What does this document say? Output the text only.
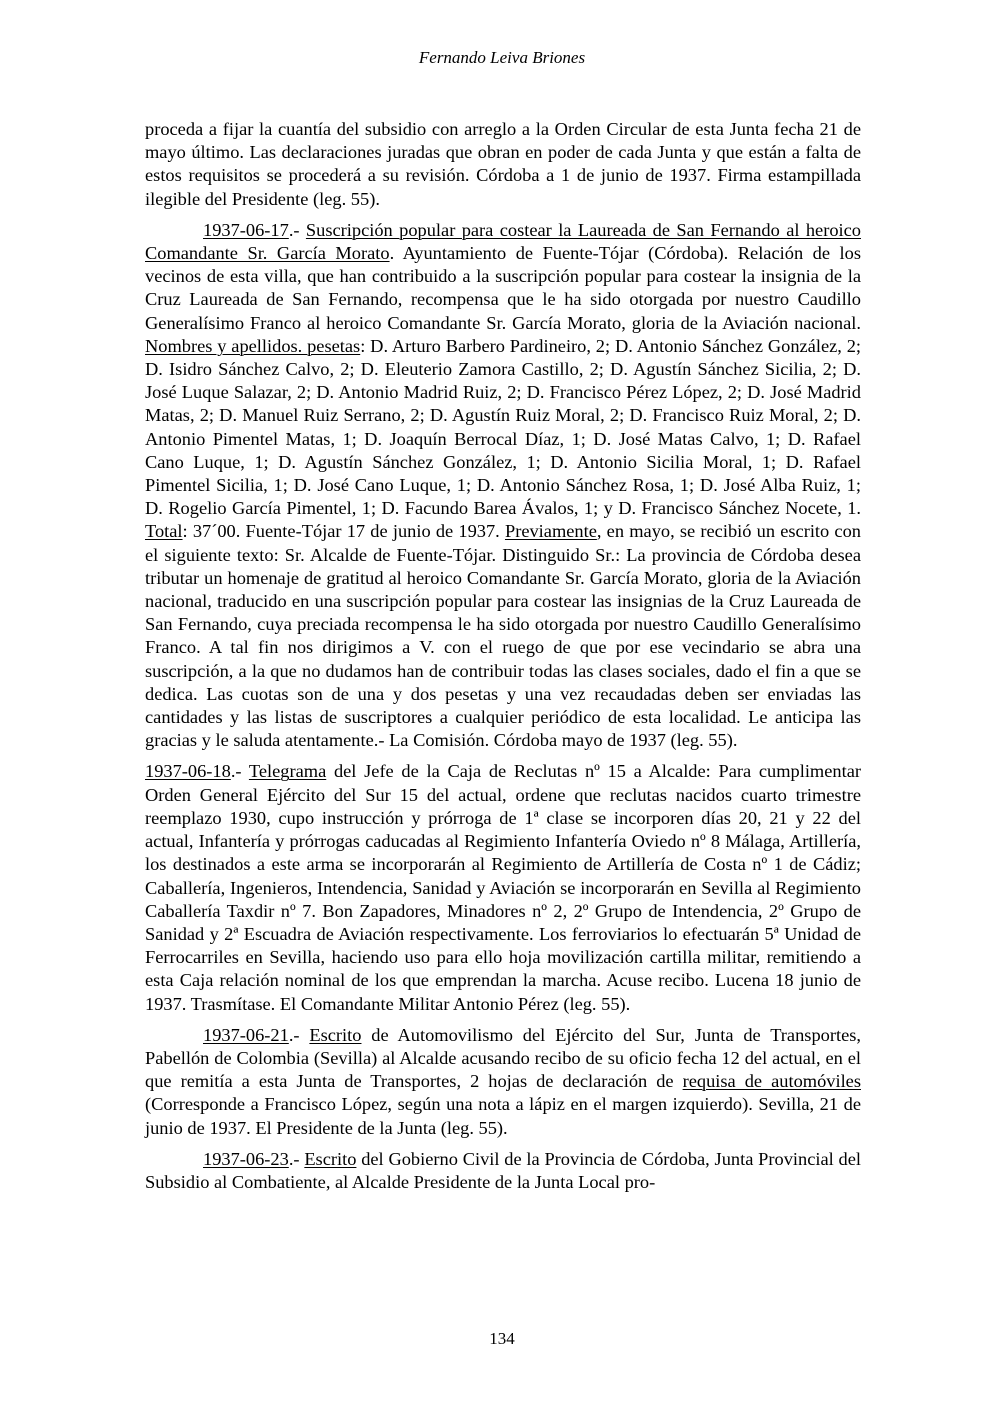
Fernando Leiva Briones

proceda a fijar la cuantía del subsidio con arreglo a la Orden Circular de esta Junta fecha 21 de mayo último. Las declaraciones juradas que obran en poder de cada Junta y que están a falta de estos requisitos se procederá a su revisión. Córdoba a 1 de junio de 1937. Firma estampillada ilegible del Presidente (leg. 55).

1937-06-17.- Suscripción popular para costear la Laureada de San Fernando al heroico Comandante Sr. García Morato. Ayuntamiento de Fuente-Tójar (Córdoba). Relación de los vecinos de esta villa, que han contribuido a la suscripción popular para costear la insignia de la Cruz Laureada de San Fernando, recompensa que le ha sido otorgada por nuestro Caudillo Generalísimo Franco al heroico Comandante Sr. García Morato, gloria de la Aviación nacional. Nombres y apellidos. pesetas: D. Arturo Barbero Pardineiro, 2; D. Antonio Sánchez González, 2; D. Isidro Sánchez Calvo, 2; D. Eleuterio Zamora Castillo, 2; D. Agustín Sánchez Sicilia, 2; D. José Luque Salazar, 2; D. Antonio Madrid Ruiz, 2; D. Francisco Pérez López, 2; D. José Madrid Matas, 2; D. Manuel Ruiz Serrano, 2; D. Agustín Ruiz Moral, 2; D. Francisco Ruiz Moral, 2; D. Antonio Pimentel Matas, 1; D. Joaquín Berrocal Díaz, 1; D. José Matas Calvo, 1; D. Rafael Cano Luque, 1; D. Agustín Sánchez González, 1; D. Antonio Sicilia Moral, 1; D. Rafael Pimentel Sicilia, 1; D. José Cano Luque, 1; D. Antonio Sánchez Rosa, 1; D. José Alba Ruiz, 1; D. Rogelio García Pimentel, 1; D. Facundo Barea Ávalos, 1; y D. Francisco Sánchez Nocete, 1. Total: 37´00. Fuente-Tójar 17 de junio de 1937. Previamente, en mayo, se recibió un escrito con el siguiente texto: Sr. Alcalde de Fuente-Tójar. Distinguido Sr.: La provincia de Córdoba desea tributar un homenaje de gratitud al heroico Comandante Sr. García Morato, gloria de la Aviación nacional, traducido en una suscripción popular para costear las insignias de la Cruz Laureada de San Fernando, cuya preciada recompensa le ha sido otorgada por nuestro Caudillo Generalísimo Franco. A tal fin nos dirigimos a V. con el ruego de que por ese vecindario se abra una suscripción, a la que no dudamos han de contribuir todas las clases sociales, dado el fin a que se dedica. Las cuotas son de una y dos pesetas y una vez recaudadas deben ser enviadas las cantidades y las listas de suscriptores a cualquier periódico de esta localidad. Le anticipa las gracias y le saluda atentamente.- La Comisión. Córdoba mayo de 1937 (leg. 55).

1937-06-18.- Telegrama del Jefe de la Caja de Reclutas nº 15 a Alcalde: Para cumplimentar Orden General Ejército del Sur 15 del actual, ordene que reclutas nacidos cuarto trimestre reemplazo 1930, cupo instrucción y prórroga de 1ª clase se incorporen días 20, 21 y 22 del actual, Infantería y prórrogas caducadas al Regimiento Infantería Oviedo nº 8 Málaga, Artillería, los destinados a este arma se incorporarán al Regimiento de Artillería de Costa nº 1 de Cádiz; Caballería, Ingenieros, Intendencia, Sanidad y Aviación se incorporarán en Sevilla al Regimiento Caballería Taxdir nº 7. Bon Zapadores, Minadores nº 2, 2º Grupo de Intendencia, 2º Grupo de Sanidad y 2ª Escuadra de Aviación respectivamente. Los ferroviarios lo efectuarán 5ª Unidad de Ferrocarriles en Sevilla, haciendo uso para ello hoja movilización cartilla militar, remitiendo a esta Caja relación nominal de los que emprendan la marcha. Acuse recibo. Lucena 18 junio de 1937. Trasmítase. El Comandante Militar Antonio Pérez (leg. 55).

1937-06-21.- Escrito de Automovilismo del Ejército del Sur, Junta de Transportes, Pabellón de Colombia (Sevilla) al Alcalde acusando recibo de su oficio fecha 12 del actual, en el que remitía a esta Junta de Transportes, 2 hojas de declaración de requisa de automóviles (Corresponde a Francisco López, según una nota a lápiz en el margen izquierdo). Sevilla, 21 de junio de 1937. El Presidente de la Junta (leg. 55).

1937-06-23.- Escrito del Gobierno Civil de la Provincia de Córdoba, Junta Provincial del Subsidio al Combatiente, al Alcalde Presidente de la Junta Local pro-

134
